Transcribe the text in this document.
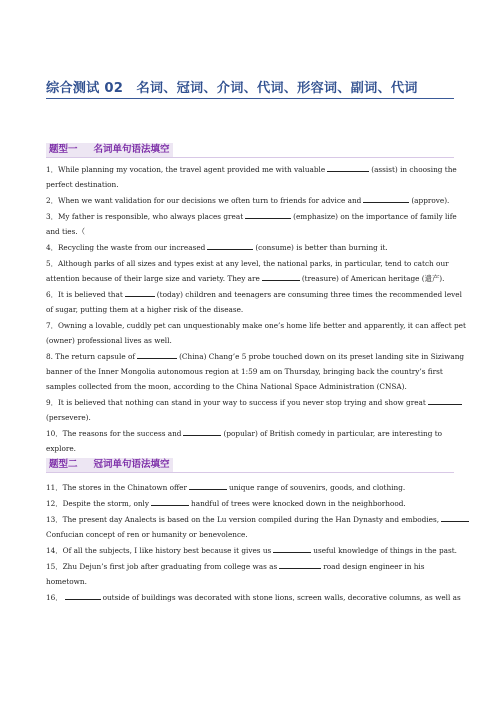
综合测试 02　名词、冠词、介词、代词、形容词、副词、代词
题型一 名词单句语法填空
1．While planning my vocation, the travel agent provided me with valuable	(assist) in choosing the
perfect destination.
2．When we want validation for our decisions we often turn to friends for advice and	(approve).
3．My father is responsible, who always places great	(emphasize) on the importance of family life
and ties.（
4．Recycling the waste from our increased	(consume) is better than burning it.
5．Although parks of all sizes and types exist at any level, the national parks, in particular, tend to catch our
attention because of their large size and variety. They are	(treasure) of American heritage (遗产).
6．It is believed that	(today) children and teenagers are consuming three times the recommended level
of sugar, putting them at a higher risk of the disease.
7．Owning a lovable, cuddly pet can unquestionably make one’s home life better and apparently, it can affect pet
(owner) professional lives as well.
8. The return capsule of	(China) Chang’e 5 probe touched down on its preset landing site in Siziwang
banner of the Inner Mongolia autonomous region at 1:59 am on Thursday, bringing back the country’s first
samples collected from the moon, according to the China National Space Administration (CNSA).
9．It is believed that nothing can stand in your way to success if you never stop trying and show great
(persevere).
10．The reasons for the success and	(popular) of British comedy in particular, are interesting to
explore.
题型二 冠词单句语法填空
11．The stores in the Chinatown offer	unique range of souvenirs, goods, and clothing.
12．Despite the storm, only	handful of trees were knocked down in the neighborhood.
13．The present day Analects is based on the Lu version compiled during the Han Dynasty and embodies,
Confucian concept of ren or humanity or benevolence.
14．Of all the subjects, I like history best because it gives us	useful knowledge of things in the past.
15．Zhu Dejun’s first job after graduating from college was as	road design engineer in his
hometown.
16．	outside of buildings was decorated with stone lions, screen walls, decorative columns, as well as
